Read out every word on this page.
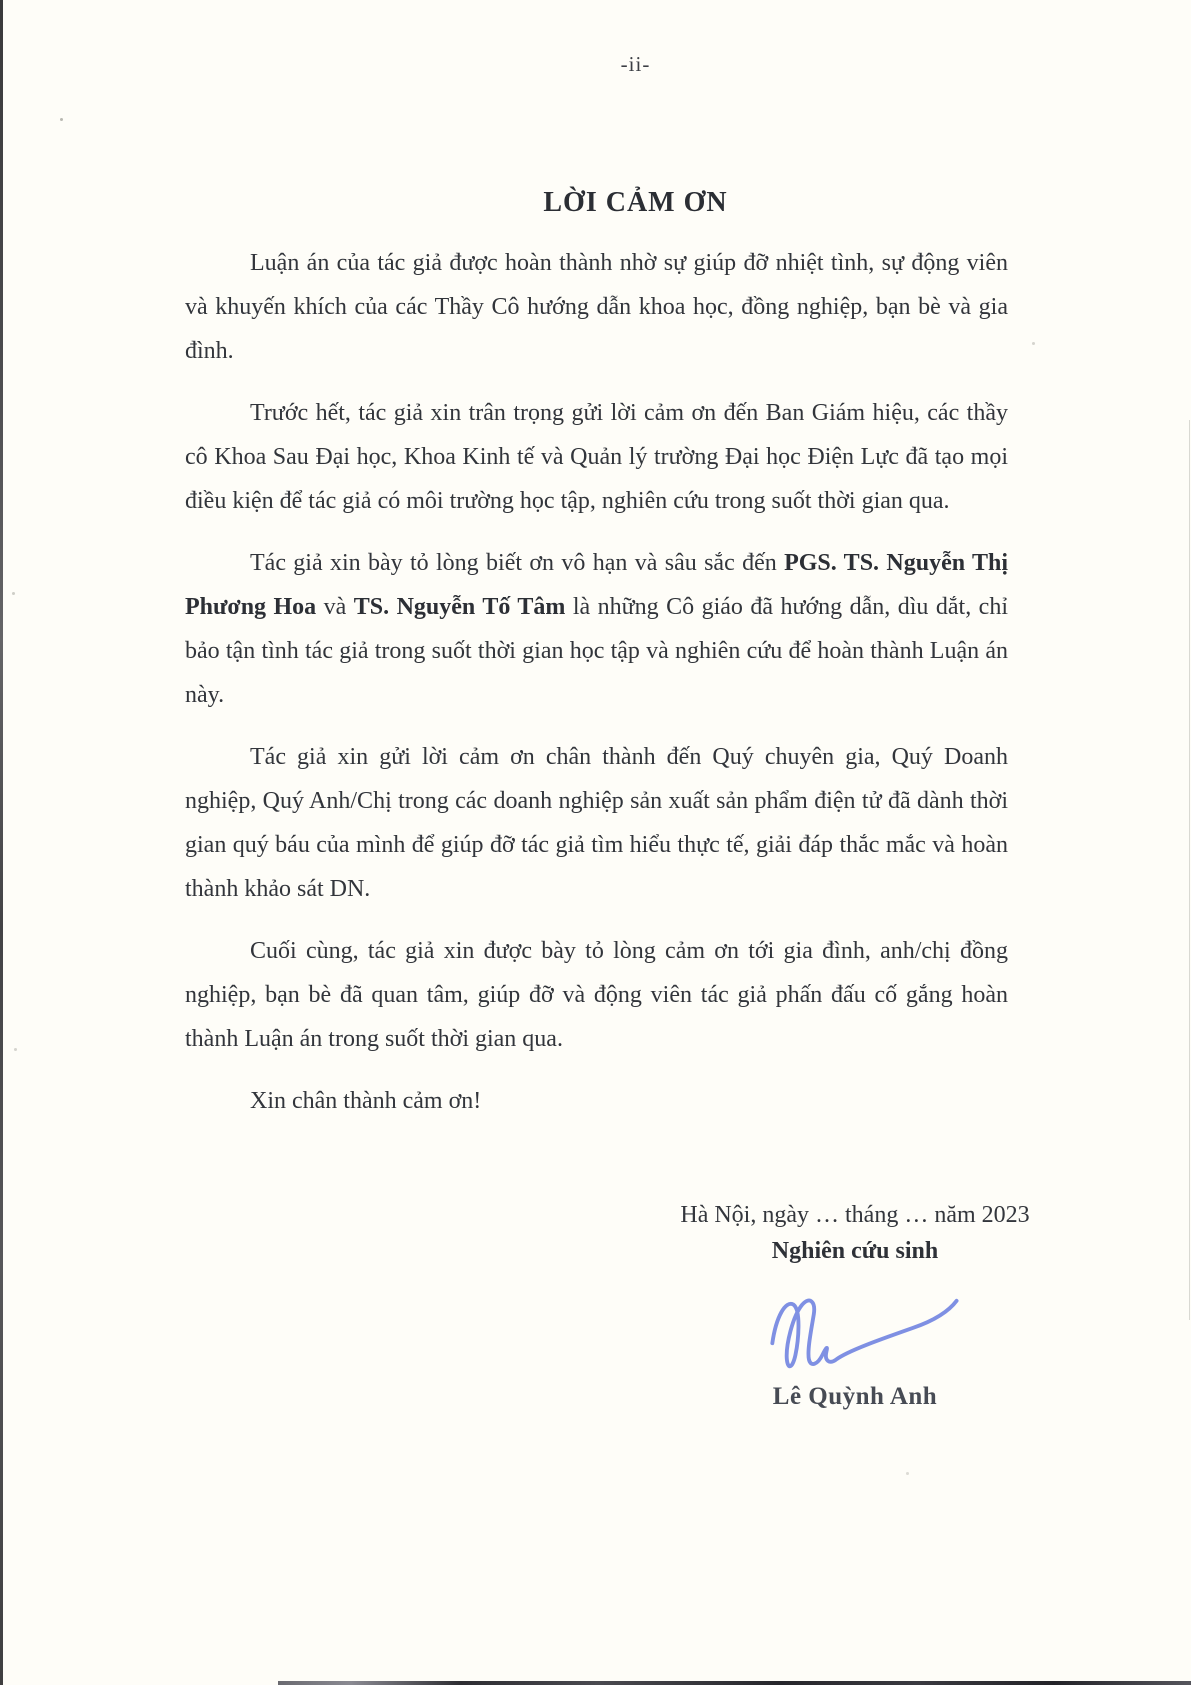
-ii-

LỜI CẢM ƠN

Luận án của tác giả được hoàn thành nhờ sự giúp đỡ nhiệt tình, sự động viên và khuyến khích của các Thầy Cô hướng dẫn khoa học, đồng nghiệp, bạn bè và gia đình.

Trước hết, tác giả xin trân trọng gửi lời cảm ơn đến Ban Giám hiệu, các thầy cô Khoa Sau Đại học, Khoa Kinh tế và Quản lý trường Đại học Điện Lực đã tạo mọi điều kiện để tác giả có môi trường học tập, nghiên cứu trong suốt thời gian qua.

Tác giả xin bày tỏ lòng biết ơn vô hạn và sâu sắc đến PGS. TS. Nguyễn Thị Phương Hoa và TS. Nguyễn Tố Tâm là những Cô giáo đã hướng dẫn, dìu dắt, chỉ bảo tận tình tác giả trong suốt thời gian học tập và nghiên cứu để hoàn thành Luận án này.

Tác giả xin gửi lời cảm ơn chân thành đến Quý chuyên gia, Quý Doanh nghiệp, Quý Anh/Chị trong các doanh nghiệp sản xuất sản phẩm điện tử đã dành thời gian quý báu của mình để giúp đỡ tác giả tìm hiểu thực tế, giải đáp thắc mắc và hoàn thành khảo sát DN.

Cuối cùng, tác giả xin được bày tỏ lòng cảm ơn tới gia đình, anh/chị đồng nghiệp, bạn bè đã quan tâm, giúp đỡ và động viên tác giả phấn đấu cố gắng hoàn thành Luận án trong suốt thời gian qua.

Xin chân thành cảm ơn!

Hà Nội, ngày … tháng … năm 2023
Nghiên cứu sinh
Lê Quỳnh Anh
